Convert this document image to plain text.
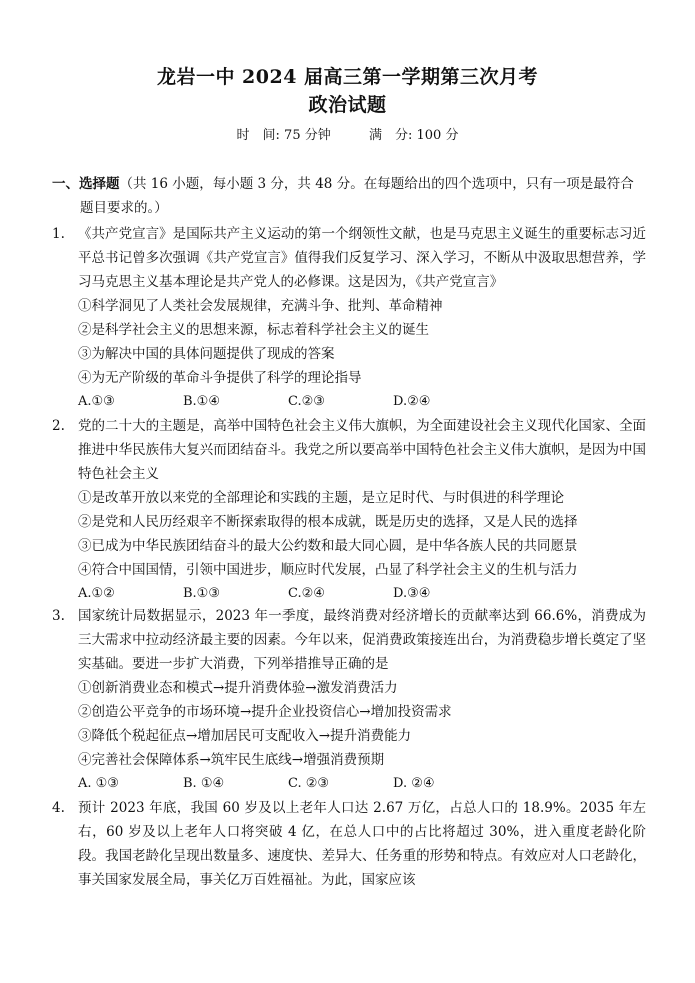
龙岩一中 2024 届高三第一学期第三次月考
政治试题
时　间: 75 分钟	满　分: 100 分
一、选择题（共 16 小题，每小题 3 分，共 48 分。在每题给出的四个选项中，只有一项是最符合
题目要求的。）
1. 《共产党宣言》是国际共产主义运动的第一个纲领性文献，也是马克思主义诞生的重要标志习近平总书记曾多次强调《共产党宣言》值得我们反复学习、深入学习，不断从中汲取思想营养，学习马克思主义基本理论是共产党人的必修课。这是因为，《共产党宣言》
①科学洞见了人类社会发展规律，充满斗争、批判、革命精神
②是科学社会主义的思想来源，标志着科学社会主义的诞生
③为解决中国的具体问题提供了现成的答案
④为无产阶级的革命斗争提供了科学的理论指导
A.①③	B.①④	C.②③	D.②④
2. 党的二十大的主题是，高举中国特色社会主义伟大旗帜，为全面建设社会主义现代化国家、全面推进中华民族伟大复兴而团结奋斗。我党之所以要高举中国特色社会主义伟大旗帜，是因为中国特色社会主义
①是改革开放以来党的全部理论和实践的主题，是立足时代、与时俱进的科学理论
②是党和人民历经艰辛不断探索取得的根本成就，既是历史的选择，又是人民的选择
③已成为中华民族团结奋斗的最大公约数和最大同心圆，是中华各族人民的共同愿景
④符合中国国情，引领中国进步，顺应时代发展，凸显了科学社会主义的生机与活力
A.①②	B.①③	C.②④	D.③④
3. 国家统计局数据显示，2023 年一季度，最终消费对经济增长的贡献率达到 66.6%，消费成为三大需求中拉动经济最主要的因素。今年以来，促消费政策接连出台，为消费稳步增长奠定了坚实基础。要进一步扩大消费，下列举措推导正确的是
①创新消费业态和模式→提升消费体验→激发消费活力
②创造公平竞争的市场环境→提升企业投资信心→增加投资需求
③降低个税起征点→增加居民可支配收入→提升消费能力
④完善社会保障体系→筑牢民生底线→增强消费预期
A. ①③	B. ①④	C. ②③	D. ②④
4. 预计 2023 年底，我国 60 岁及以上老年人口达 2.67 万亿，占总人口的 18.9%。2035 年左右，60 岁及以上老年人口将突破 4 亿，在总人口中的占比将超过 30%，进入重度老龄化阶段。我国老龄化呈现出数量多、速度快、差异大、任务重的形势和特点。有效应对人口老龄化，事关国家发展全局，事关亿万百姓福祉。为此，国家应该
